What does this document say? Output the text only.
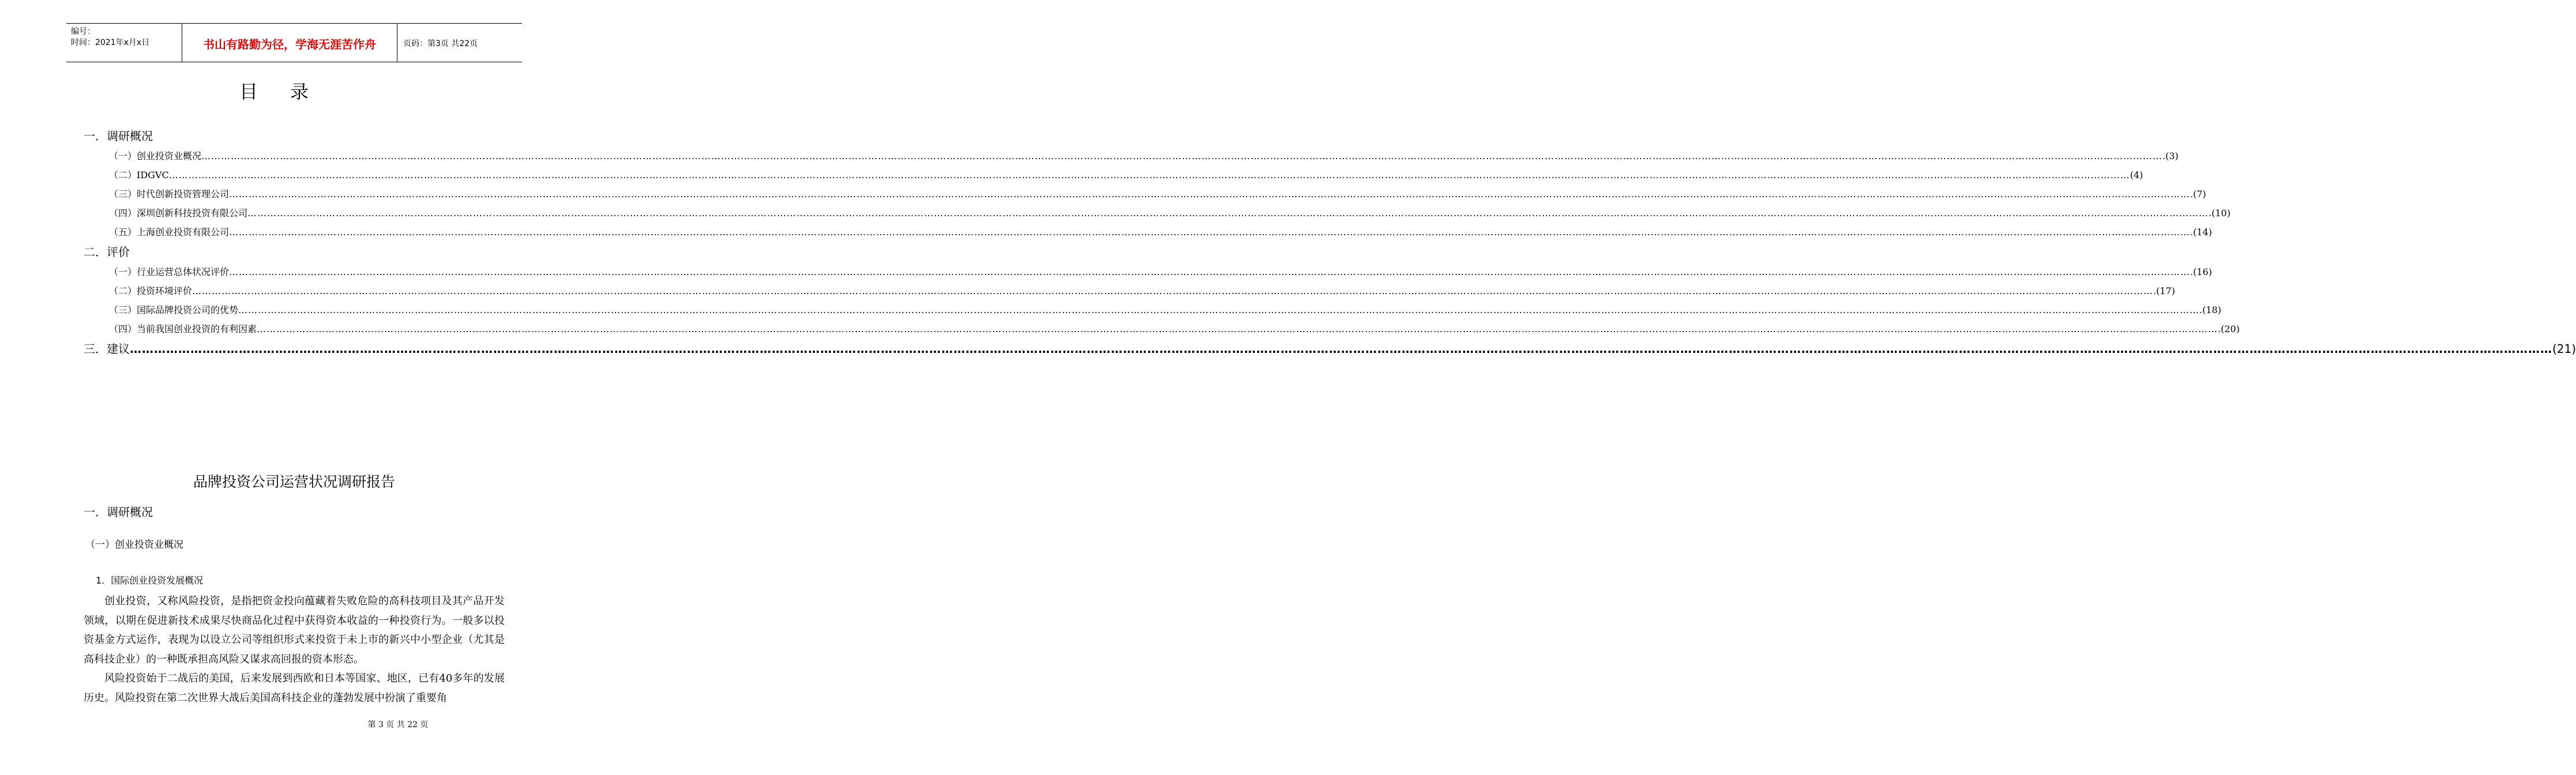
编号：
时间：2021年x月x日	书山有路勤为径，学海无涯苦作舟	页码：第3页 共22页
目录
一．调研概况
（一）创业投资业概况 …………………………………………………………………………………………………………………………………………………………………………………………………………………………………………………………………………………………………………………………………………………………………………………………………………………………………………………………………………………………………………………………………………………… .(3)
（二）IDGVC …………………………………………………………………………………………………………………………………………………………………………………………………………………………………………………………………………………………………………………………………………………………………………………………………………………………………………………………………………………………………………………………………………………… (4)
（三）时代创新投资管理公司 …………………………………………………………………………………………………………………………………………………………………………………………………………………………………………………………………………………………………………………………………………………………………………………………………………………………………………………………………………………………………………………………………………………… .(7)
（四）深圳创新科技投资有限公司 …………………………………………………………………………………………………………………………………………………………………………………………………………………………………………………………………………………………………………………………………………………………………………………………………………………………………………………………………………………………………………………………………………………… .(10)
（五）上海创业投资有限公司 …………………………………………………………………………………………………………………………………………………………………………………………………………………………………………………………………………………………………………………………………………………………………………………………………………………………………………………………………………………………………………………………………………………… .(14)
二．评价
（一）行业运营总体状况评价 …………………………………………………………………………………………………………………………………………………………………………………………………………………………………………………………………………………………………………………………………………………………………………………………………………………………………………………………………………………………………………………………………………………… .(16)
（二）投资环境评价 …………………………………………………………………………………………………………………………………………………………………………………………………………………………………………………………………………………………………………………………………………………………………………………………………………………………………………………………………………………………………………………………………………………… .(17)
（三）国际品牌投资公司的优势 …………………………………………………………………………………………………………………………………………………………………………………………………………………………………………………………………………………………………………………………………………………………………………………………………………………………………………………………………………………………………………………………………………………… .(18)
（四）当前我国创业投资的有利因素 …………………………………………………………………………………………………………………………………………………………………………………………………………………………………………………………………………………………………………………………………………………………………………………………………………………………………………………………………………………………………………………………………………………… .(20)
三．建议 …………………………………………………………………………………………………………………………………………………………………………………………………………………………………………………………………………………………………………………………………………………………………………………………………………………………………………………………………………………………………………………………………………………… (21)
品牌投资公司运营状况调研报告
一．调研概况
（一）创业投资业概况
1．国际创业投资发展概况

创业投资，又称风险投资，是指把资金投向蕴藏着失败危险的高科技项目及其产品开发领域，以期在促进新技术成果尽快商品化过程中获得资本收益的一种投资行为。一般多以投资基金方式运作，表现为以设立公司等组织形式来投资于未上市的新兴中小型企业（尤其是高科技企业）的一种既承担高风险又谋求高回报的资本形态。

风险投资始于二战后的美国，后来发展到西欧和日本等国家、地区，已有40多年的发展历史。风险投资在第二次世界大战后美国高科技企业的蓬勃发展中扮演了重要角

第 3 页 共 22 页
